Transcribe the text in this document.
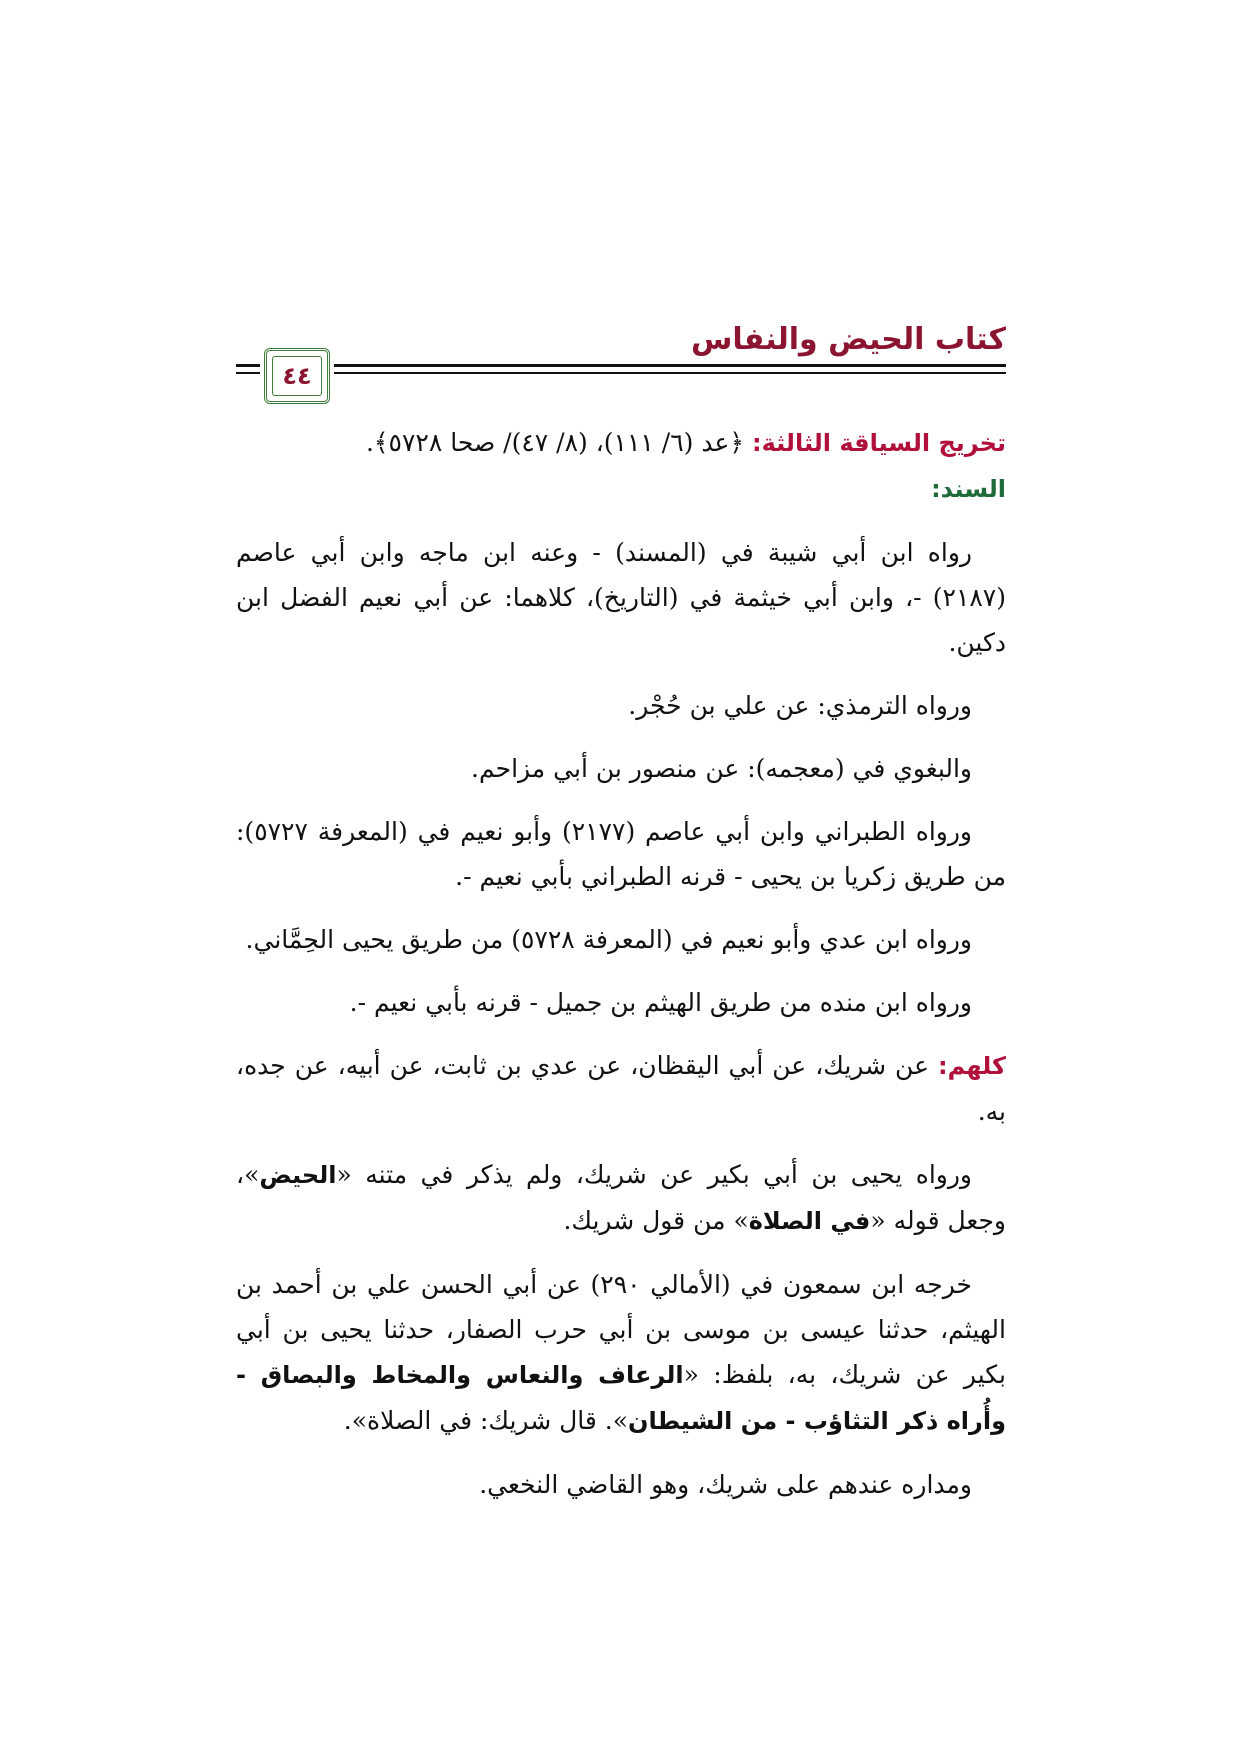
كتاب الحيض والنفاس
٤٤

تخريج السياقة الثالثة: ‌﴿عد (٦/ ١١١)، (٨/ ٤٧)/ صحا ٥٧٢٨﴾.

السند:

رواه ابن أبي شيبة في (المسند) - وعنه ابن ماجه وابن أبي عاصم (٢١٨٧) -، وابن أبي خيثمة في (التاريخ)، كلاهما: عن أبي نعيم الفضل ابن دكين.

ورواه الترمذي: عن علي بن حُجْر.

والبغوي في (معجمه): عن منصور بن أبي مزاحم.

ورواه الطبراني وابن أبي عاصم (٢١٧٧) وأبو نعيم في (المعرفة ٥٧٢٧): من طريق زكريا بن يحيى - قرنه الطبراني بأبي نعيم -.

ورواه ابن عدي وأبو نعيم في (المعرفة ٥٧٢٨) من طريق يحيى الحِمَّاني.

ورواه ابن منده من طريق الهيثم بن جميل - قرنه بأبي نعيم -.

كلهم: عن شريك، عن أبي اليقظان، عن عدي بن ثابت، عن أبيه، عن جده، به.

ورواه يحيى بن أبي بكير عن شريك، ولم يذكر في متنه «الحيض»، وجعل قوله «في الصلاة» من قول شريك.

خرجه ابن سمعون في (الأمالي ٢٩٠) عن أبي الحسن علي بن أحمد بن الهيثم، حدثنا عيسى بن موسى بن أبي حرب الصفار، حدثنا يحيى بن أبي بكير عن شريك، به، بلفظ: «الرعاف والنعاس والمخاط والبصاق - وأُراه ذكر التثاؤب - من الشيطان». قال شريك: في الصلاة».

ومداره عندهم على شريك، وهو القاضي النخعي.
